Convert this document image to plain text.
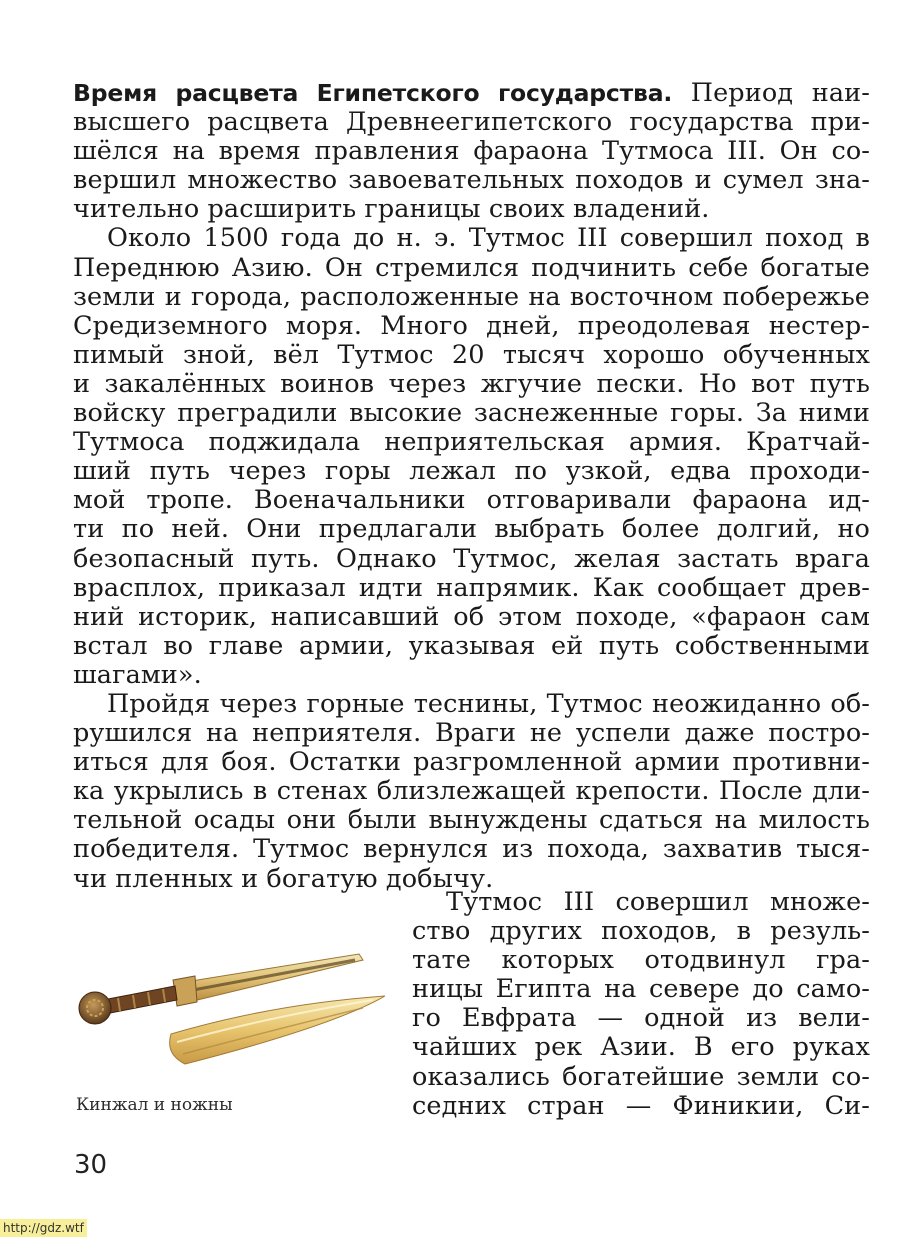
Время расцвета Египетского государства. Период наи-
высшего расцвета Древнеегипетского государства при-
шёлся на время правления фараона Тутмоса III. Он со-
вершил множество завоевательных походов и сумел зна-
чительно расширить границы своих владений.
Около 1500 года до н. э. Тутмос III совершил поход в
Переднюю Азию. Он стремился подчинить себе богатые
земли и города, расположенные на восточном побережье
Средиземного моря. Много дней, преодолевая нестер-
пимый зной, вёл Тутмос 20 тысяч хорошо обученных
и закалённых воинов через жгучие пески. Но вот путь
войску преградили высокие заснеженные горы. За ними
Тутмоса поджидала неприятельская армия. Кратчай-
ший путь через горы лежал по узкой, едва проходи-
мой тропе. Военачальники отговаривали фараона ид-
ти по ней. Они предлагали выбрать более долгий, но
безопасный путь. Однако Тутмос, желая застать врага
врасплох, приказал идти напрямик. Как сообщает древ-
ний историк, написавший об этом походе, «фараон сам
встал во главе армии, указывая ей путь собственными
шагами».
Пройдя через горные теснины, Тутмос неожиданно об-
рушился на неприятеля. Враги не успели даже постро-
иться для боя. Остатки разгромленной армии противни-
ка укрылись в стенах близлежащей крепости. После дли-
тельной осады они были вынуждены сдаться на милость
победителя. Тутмос вернулся из похода, захватив тыся-
чи пленных и богатую добычу.
Кинжал и ножны
Тутмос III совершил множе-
ство других походов, в резуль-
тате которых отодвинул гра-
ницы Египта на севере до само-
го Евфрата — одной из вели-
чайших рек Азии. В его руках
оказались богатейшие земли со-
седних стран — Финикии, Си-
30
http://gdz.wtf
